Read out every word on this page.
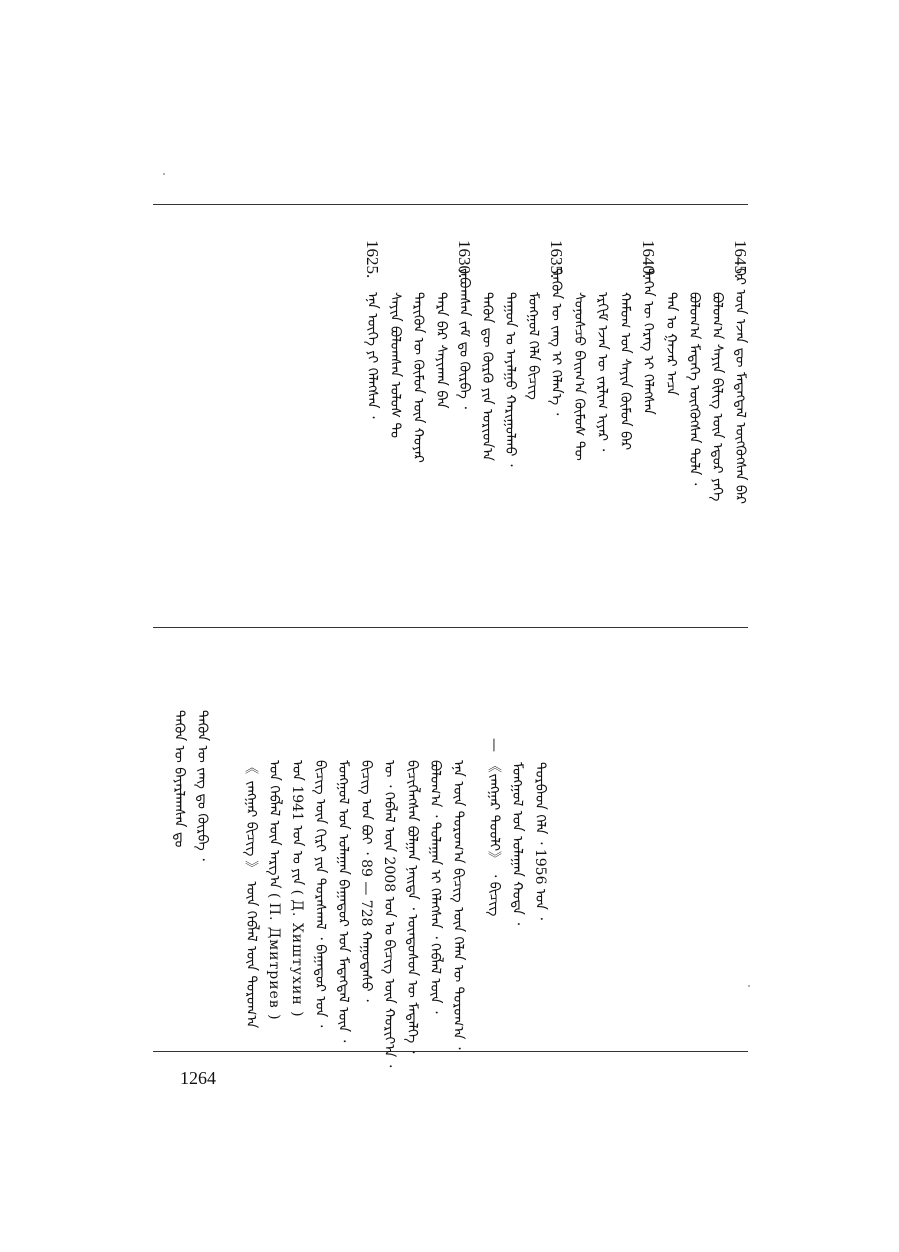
ᠭᠡᠷ ᠦᠨ ᠡᠵᠡᠨ ᠳᠦ ᠮᠡᠳᠡᠭᠳᠡᠯ ᠦᠭᠭᠦᠭᠰᠡᠨ ᠪᠠᠷ
ᠪᠣᠯᠤᠭ᠎ᠠ ᠰᠠᠶᠢᠨ ᠪᠢᠯᠢᠭ ᠦᠨ ᠡᠳᠦᠷ ᠶᠡᠬᠡ
ᠪᠣᠯᠤᠭ᠎ᠠ ᠮᠡᠳᠡᠭᠡ ᠦᠭᠭᠦᠭᠰᠡᠨ ᠲᠤᠯᠠ ᠂
ᠲᠡᠨ ᠤ ᠭᠠᠵᠠᠷ ᠠᠴᠠ
ᠲᠡᠭᠡᠨ ᠦ ᠬᠡᠷᠡᠭ ᠢ ᠬᠡᠯᠡᠭᠰᠡᠨ
ᠬᠠᠮᠤᠭ ᠤᠨ ᠰᠠᠶᠢᠨ ᠬᠦᠮᠦᠨ ᠪᠠᠷ
ᠡᠷᠬᠢᠮ ᠡᠵᠡᠨ ᠦ ᠵᠠᠷᠯᠢᠭ ᠢᠶᠠᠷ ᠂
ᠰᠣᠨᠣᠰᠴᠤ ᠪᠠᠢᠭ᠎ᠠ ᠬᠦᠮᠦᠰ ᠲᠦ
ᠲᠡᠭᠦᠨ ᠦ ᠵᠠᠩ ᠢ ᠬᠡᠯᠡᠨ᠎ᠡ ᠂
ᠮᠣᠩᠭᠣᠯ ᠬᠡᠯᠡ ᠪᠢᠴᠢᠭ
ᠳᠠᠭᠤᠨ ᠤ ᠠᠶᠠᠯᠭᠤ ᠬᠠᠷᠢᠭᠤᠯᠬᠤ ᠂
ᠲᠡᠭᠦᠨ ᠳᠦ ᠬᠦᠷᠬᠦ ᠶᠢᠨ ᠤᠷᠢᠳ᠎ᠠ
ᠶᠠᠪᠤᠭᠰᠠᠨ ᠵᠠᠮ ᠳᠤ ᠬᠦᠷᠪᠡ ᠂
ᠲᠡᠷᠡ ᠪᠡᠷ ᠰᠠᠶᠢᠬᠠᠨ ᠪᠡᠨ
ᠲᠡᠷᠢᠭᠦᠨ ᠦ ᠬᠦᠮᠦᠨ ᠦᠨ ᠬᠣᠶᠠᠷ
ᠰᠠᠶᠢᠨ ᠪᠣᠯᠣᠭᠰᠠᠨ ᠤᠯᠤᠰ ᠲᠤ
ᠡᠨᠡ ᠦᠭᠡ ᠶᠢ ᠬᠡᠯᠡᠭᠰᠡᠨ ᠂
1645.
1640.
1635.
1630.
1625.
ᠳᠣᠷᠪᠡᠳ ᠬᠡᠯᠡ ᠂ 1956 ᠣᠨ ᠂
ᠮᠣᠩᠭᠣᠯ ᠤᠨ ᠤᠯᠠᠭᠠᠨ ᠬᠣᠲᠠ ᠂
— 《ᠵᠠᠩᠭᠠᠷ ᠲᠤᠤᠯᠢ》 ᠂ ᠪᠢᠴᠢᠭ
ᠡᠨᠡ ᠦᠨ ᠳᠣᠷᠤᠭ᠎ᠠ ᠪᠢᠴᠢᠭ ᠦᠨ ᠬᠡᠯᠡᠨ ᠦ ᠳᠣᠷᠤᠭ᠎ᠠ ᠂
ᠪᠣᠯᠤᠭ᠎ᠠ ᠂ ᠳᠤᠯᠠᠭᠠᠨ ᠢ ᠬᠡᠯᠡᠭᠰᠡᠨ ᠂ ᠬᠡᠪᠯᠡᠯ ᠦᠨ ᠂
ᠪᠢᠴᠢᠭᠯᠡᠭᠰᠡᠨ ᠪᠣᠯᠭᠠᠨ ᠨᠡᠢᠲᠡ ᠂ ᠦᠨᠳᠦᠰᠦᠨ ᠦ ᠮᠡᠳᠡᠯᠭᠡ ᠂
ᠦ ᠂ ᠬᠡᠪᠯᠡᠯ ᠦᠨ 2008 ᠣᠨ ᠤ ᠪᠢᠴᠢᠭ ᠦᠨ ᠬᠣᠷᠢᠶ᠎ᠠ ᠂
ᠪᠢᠴᠢᠭ ᠤᠨ ᠪᠤᠢ ᠂ 89 — 728 ᠬᠠᠭᠤᠳᠠᠰᠤ ᠂
ᠮᠣᠩᠭᠣᠯ ᠤᠨ ᠤᠯᠠᠭᠠᠨ ᠪᠠᠭᠠᠲᠤᠷ ᠤᠨ ᠮᠡᠳᠡᠭᠳᠡᠯ ᠦᠨ ᠂
ᠪᠢᠴᠢᠭ ᠦᠨ ᠬᠢᠷᠢ ᠶᠢᠨ ᠳᠤᠷᠠᠰᠬᠠᠯ ᠂ ᠪᠠᠭᠠᠲᠤᠷ ᠤᠨ ᠂
ᠣᠨ 1941 ᠣᠨ ᠤ ᠶᠢᠨ ( Д. Хиштухин )
ᠤᠨ ᠬᠡᠪᠯᠡᠯ ᠦᠨ ᠠᠷᠭ᠎ᠠ ( П. Дмитриев )
《 ᠵᠠᠩᠭᠠᠷ ᠪᠢᠴᠢᠭ 》 ᠦᠨ ᠬᠡᠪᠯᠡᠯ ᠦᠨ ᠳᠣᠷᠤᠭ᠎ᠠ
ᠲᠡᠭᠦᠨ ᠦ ᠵᠠᠩ ᠳᠤ ᠬᠦᠷᠪᠡ ᠂
ᠲᠡᠭᠦᠨ ᠦ ᠪᠠᠶᠠᠷᠯᠠᠭᠰᠠᠨ ᠳᠤ
1264
